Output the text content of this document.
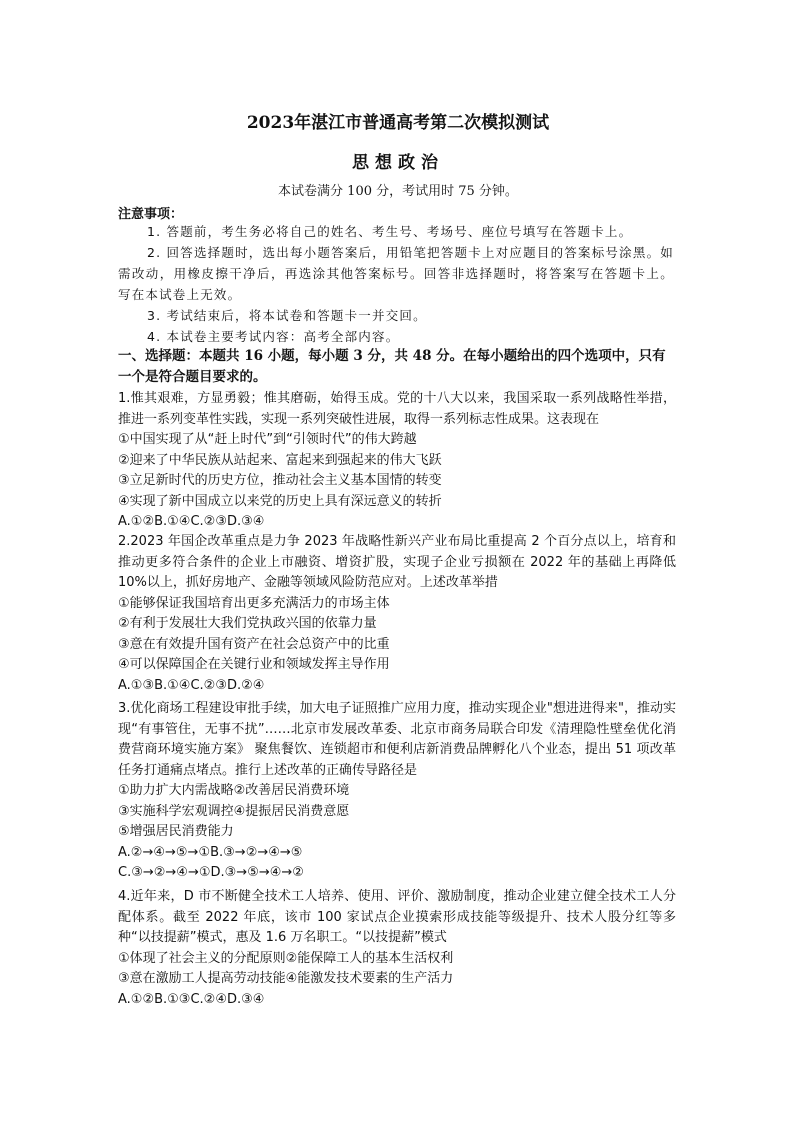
2023年湛江市普通高考第二次模拟测试
思想政治
本试卷满分 100 分，考试用时 75 分钟。
注意事项：

1. 答题前，考生务必将自己的姓名、考生号、考场号、座位号填写在答题卡上。

2. 回答选择题时，选出每小题答案后，用铅笔把答题卡上对应题目的答案标号涂黑。如需改动，用橡皮擦干净后，再选涂其他答案标号。回答非选择题时，将答案写在答题卡上。写在本试卷上无效。

3. 考试结束后，将本试卷和答题卡一并交回。

4. 本试卷主要考试内容：高考全部内容。

一、选择题：本题共 16 小题，每小题 3 分，共 48 分。在每小题给出的四个选项中，只有一个是符合题目要求的。

1.惟其艰难，方显勇毅；惟其磨砺，始得玉成。党的十八大以来，我国采取一系列战略性举措，推进一系列变革性实践，实现一系列突破性进展，取得一系列标志性成果。这表现在

①中国实现了从“赶上时代”到“引领时代”的伟大跨越

②迎来了中华民族从站起来、富起来到强起来的伟大飞跃

③立足新时代的历史方位，推动社会主义基本国情的转变

④实现了新中国成立以来党的历史上具有深远意义的转折

A.①②B.①④C.②③D.③④

2.2023 年国企改革重点是力争 2023 年战略性新兴产业布局比重提高 2 个百分点以上，培育和推动更多符合条件的企业上市融资、增资扩股，实现子企业亏损额在 2022 年的基础上再降低 10%以上，抓好房地产、金融等领域风险防范应对。上述改革举措

①能够保证我国培育出更多充满活力的市场主体

②有利于发展壮大我们党执政兴国的依靠力量

③意在有效提升国有资产在社会总资产中的比重

④可以保障国企在关键行业和领域发挥主导作用

A.①③B.①④C.②③D.②④

3.优化商场工程建设审批手续，加大电子证照推广应用力度，推动实现企业"想进进得来"，推动实现“有事管住，无事不扰”……北京市发展改革委、北京市商务局联合印发《清理隐性壁垒优化消费营商环境实施方案》 聚焦餐饮、连锁超市和便利店新消费品牌孵化八个业态，提出 51 项改革任务打通痛点堵点。推行上述改革的正确传导路径是

①助力扩大内需战略②改善居民消费环境

③实施科学宏观调控④提振居民消费意愿

⑤增强居民消费能力

A.②→④→⑤→①B.③→②→④→⑤

C.③→②→④→①D.③→⑤→④→②

4.近年来，D 市不断健全技术工人培养、使用、评价、激励制度，推动企业建立健全技术工人分配体系。截至 2022 年底，该市 100 家试点企业摸索形成技能等级提升、技术人股分红等多种“以技提薪”模式，惠及 1.6 万名职工。“以技提薪”模式

①体现了社会主义的分配原则②能保障工人的基本生活权利

③意在激励工人提高劳动技能④能激发技术要素的生产活力

A.①②B.①③C.②④D.③④
